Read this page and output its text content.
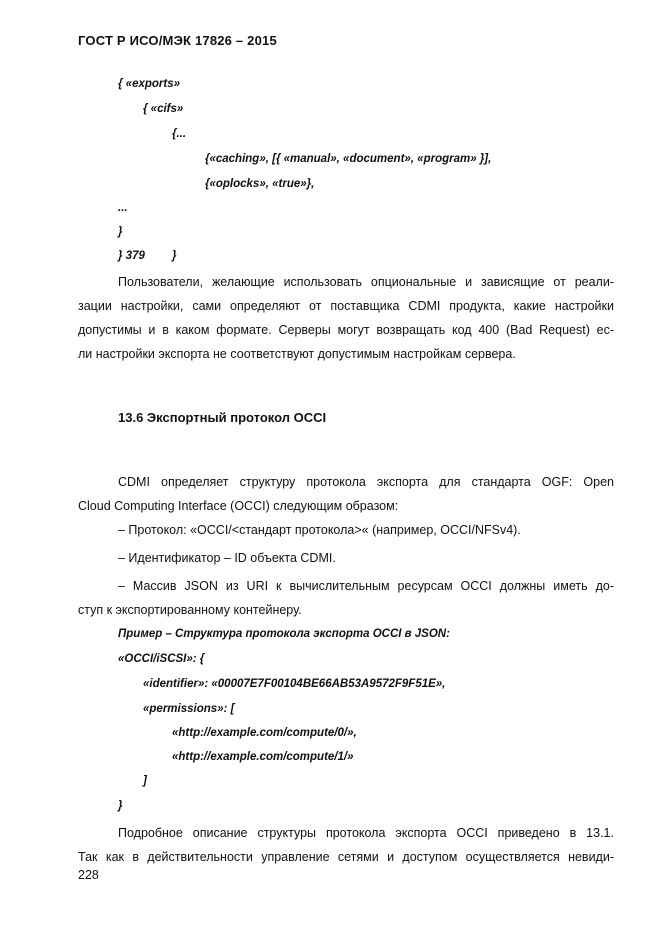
ГОСТ Р ИСО/МЭК 17826 – 2015
{ «exports»
{ «cifs»
{...
{«caching», [{ «manual», «document», «program» }],
{«oplocks», «true»},
...
}
} 379 }
Пользователи, желающие использовать опциональные и зависящие от реали-
зации настройки, сами определяют от поставщика CDMI продукта, какие настройки
допустимы и в каком формате. Серверы могут возвращать код 400 (Bad Request) ес-
ли настройки экспорта не соответствуют допустимым настройкам сервера.
13.6 Экспортный протокол OCCI
CDMI определяет структуру протокола экспорта для стандарта OGF: Open
Cloud Computing Interface (OCCI) следующим образом:
– Протокол: «OCCI/<стандарт протокола>« (например, OCCI/NFSv4).
– Идентификатор – ID объекта CDMI.
– Массив JSON из URI к вычислительным ресурсам OCCI должны иметь до-
ступ к экспортированному контейнеру.
Пример – Структура протокола экспорта OCCI в JSON:
«OCCI/iSCSI»: {
«identifier»: «00007E7F00104BE66AB53A9572F9F51E»,
«permissions»: [
«http://example.com/compute/0/»,
«http://example.com/compute/1/»
]
}
Подробное описание структуры протокола экспорта OCCI приведено в 13.1.
Так как в действительности управление сетями и доступом осуществляется невиди-
228
